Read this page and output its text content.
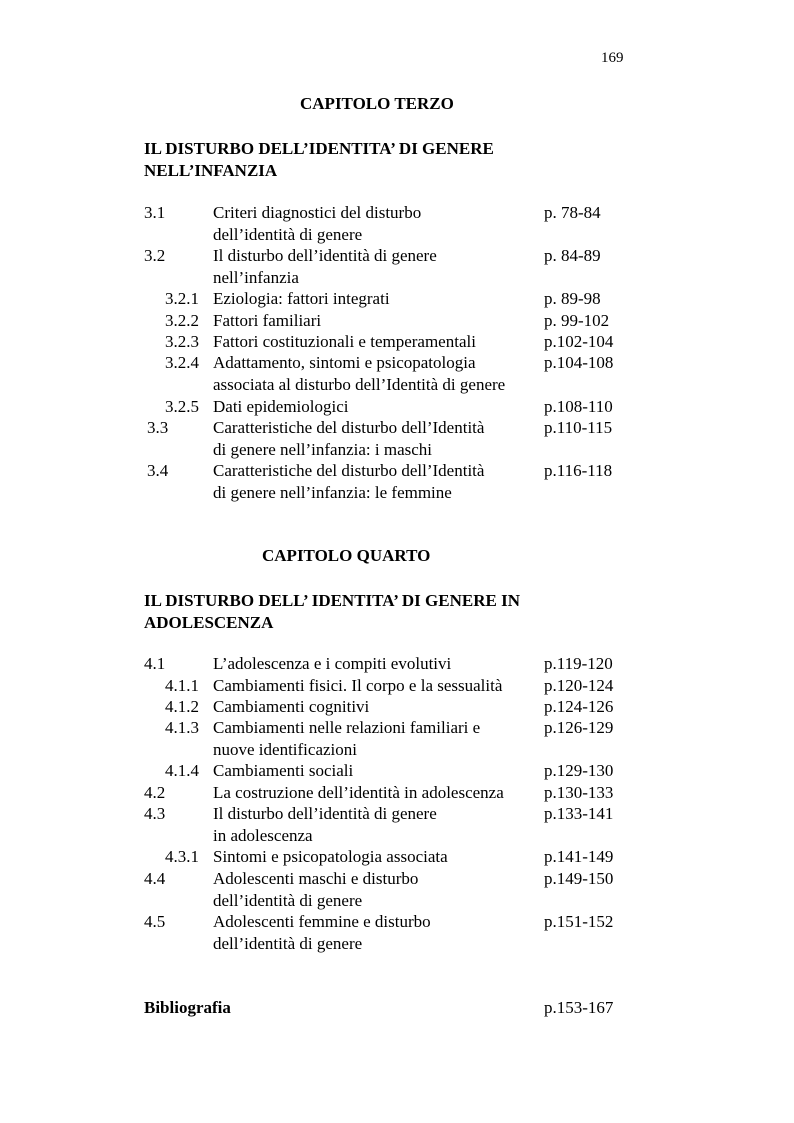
169
CAPITOLO TERZO
IL DISTURBO DELL’IDENTITA’ DI GENERE
NELL’INFANZIA
3.1	Criteri diagnostici del disturbo
dell’identità di genere
p. 78-84
3.2	Il disturbo dell’identità di genere
nell’infanzia
p. 84-89
3.2.1 Eziologia: fattori integrati	p. 89-98
3.2.2 Fattori familiari	p. 99-102
3.2.3 Fattori costituzionali e temperamentali	p.102-104
3.2.4 Adattamento, sintomi e psicopatologia
associata al disturbo dell’Identità di genere
p.104-108
3.2.5 Dati epidemiologici	p.108-110
3.3	Caratteristiche del disturbo dell’Identità
di genere nell’infanzia: i maschi
p.110-115
3.4	Caratteristiche del disturbo dell’Identità
di genere nell’infanzia: le femmine
p.116-118
CAPITOLO QUARTO
IL DISTURBO DELL’ IDENTITA’ DI GENERE IN
ADOLESCENZA
4.1	L’adolescenza e i compiti evolutivi	p.119-120
4.1.1 Cambiamenti fisici. Il corpo e la sessualità p.120-124
4.1.2 Cambiamenti cognitivi	p.124-126
4.1.3 Cambiamenti nelle relazioni familiari e
nuove identificazioni
p.126-129
4.1.4 Cambiamenti sociali	p.129-130
4.2	La costruzione dell’identità in adolescenza p.130-133
4.3	Il disturbo dell’identità di genere
in adolescenza
p.133-141
4.3.1 Sintomi e psicopatologia associata	p.141-149
4.4	Adolescenti maschi e disturbo
dell’identità di genere
p.149-150
4.5	Adolescenti femmine e disturbo
dell’identità di genere
p.151-152
Bibliografia	p.153-167
